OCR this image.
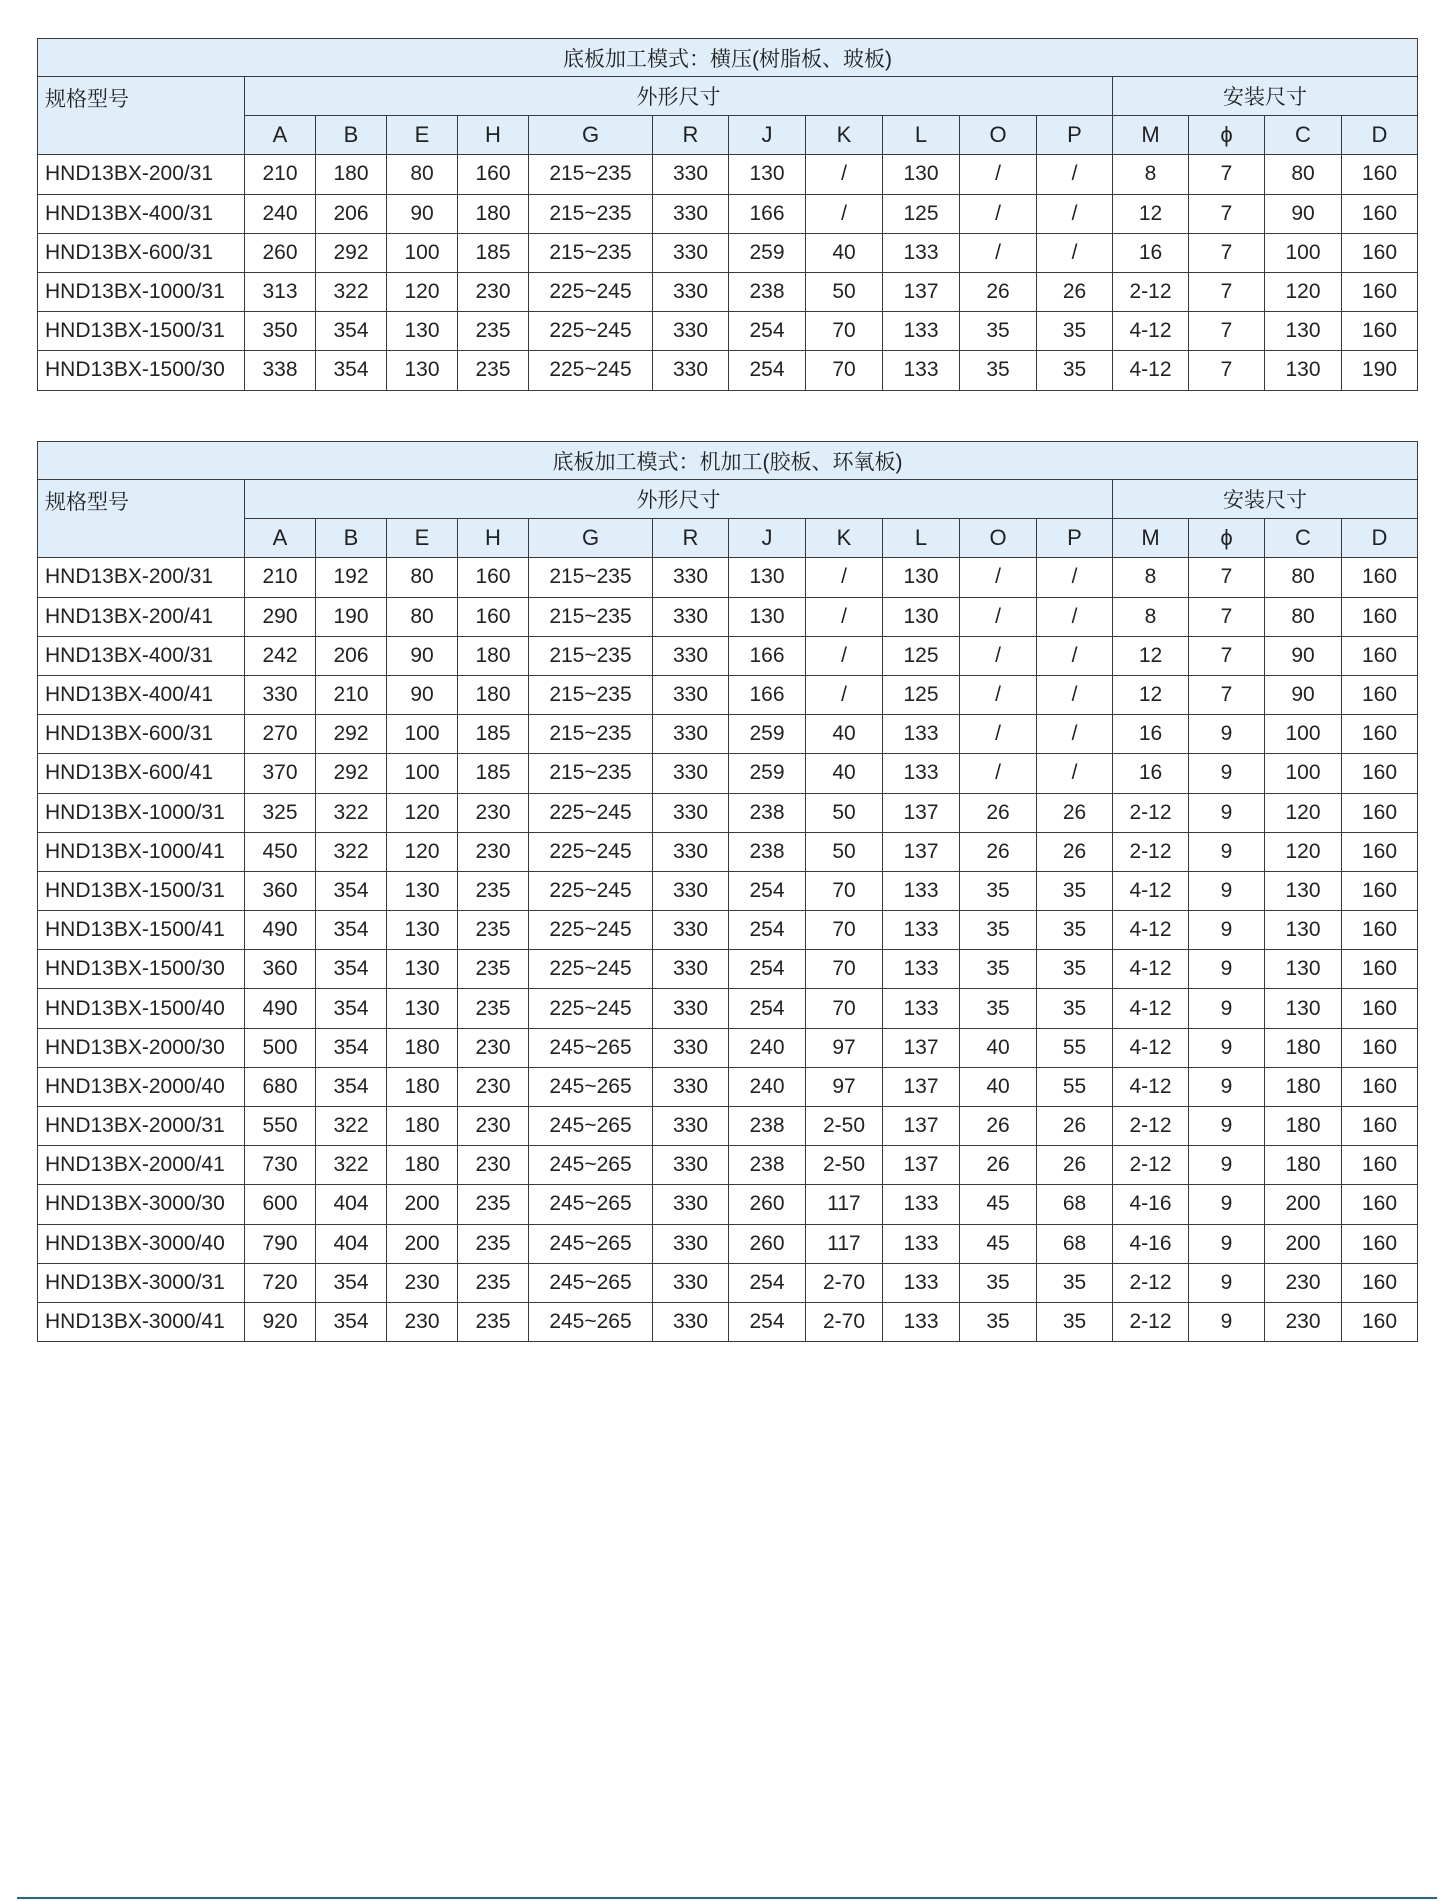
底板加工模式：横压(树脂板、玻板)															
规格型号	外形尺寸											安装尺寸			
	A	B	E	H	G	R	J	K	L	O	P	M	ϕ	C	D
HND13BX-200/31	210	180	80	160	215~235	330	130	/	130	/	/	8	7	80	160
HND13BX-400/31	240	206	90	180	215~235	330	166	/	125	/	/	12	7	90	160
HND13BX-600/31	260	292	100	185	215~235	330	259	40	133	/	/	16	7	100	160
HND13BX-1000/31	313	322	120	230	225~245	330	238	50	137	26	26	2-12	7	120	160
HND13BX-1500/31	350	354	130	235	225~245	330	254	70	133	35	35	4-12	7	130	160
HND13BX-1500/30	338	354	130	235	225~245	330	254	70	133	35	35	4-12	7	130	190
底板加工模式：机加工(胶板、环氧板)															
规格型号	外形尺寸											安装尺寸			
	A	B	E	H	G	R	J	K	L	O	P	M	ϕ	C	D
HND13BX-200/31	210	192	80	160	215~235	330	130	/	130	/	/	8	7	80	160
HND13BX-200/41	290	190	80	160	215~235	330	130	/	130	/	/	8	7	80	160
HND13BX-400/31	242	206	90	180	215~235	330	166	/	125	/	/	12	7	90	160
HND13BX-400/41	330	210	90	180	215~235	330	166	/	125	/	/	12	7	90	160
HND13BX-600/31	270	292	100	185	215~235	330	259	40	133	/	/	16	9	100	160
HND13BX-600/41	370	292	100	185	215~235	330	259	40	133	/	/	16	9	100	160
HND13BX-1000/31	325	322	120	230	225~245	330	238	50	137	26	26	2-12	9	120	160
HND13BX-1000/41	450	322	120	230	225~245	330	238	50	137	26	26	2-12	9	120	160
HND13BX-1500/31	360	354	130	235	225~245	330	254	70	133	35	35	4-12	9	130	160
HND13BX-1500/41	490	354	130	235	225~245	330	254	70	133	35	35	4-12	9	130	160
HND13BX-1500/30	360	354	130	235	225~245	330	254	70	133	35	35	4-12	9	130	160
HND13BX-1500/40	490	354	130	235	225~245	330	254	70	133	35	35	4-12	9	130	160
HND13BX-2000/30	500	354	180	230	245~265	330	240	97	137	40	55	4-12	9	180	160
HND13BX-2000/40	680	354	180	230	245~265	330	240	97	137	40	55	4-12	9	180	160
HND13BX-2000/31	550	322	180	230	245~265	330	238	2-50	137	26	26	2-12	9	180	160
HND13BX-2000/41	730	322	180	230	245~265	330	238	2-50	137	26	26	2-12	9	180	160
HND13BX-3000/30	600	404	200	235	245~265	330	260	117	133	45	68	4-16	9	200	160
HND13BX-3000/40	790	404	200	235	245~265	330	260	117	133	45	68	4-16	9	200	160
HND13BX-3000/31	720	354	230	235	245~265	330	254	2-70	133	35	35	2-12	9	230	160
HND13BX-3000/41	920	354	230	235	245~265	330	254	2-70	133	35	35	2-12	9	230	160
